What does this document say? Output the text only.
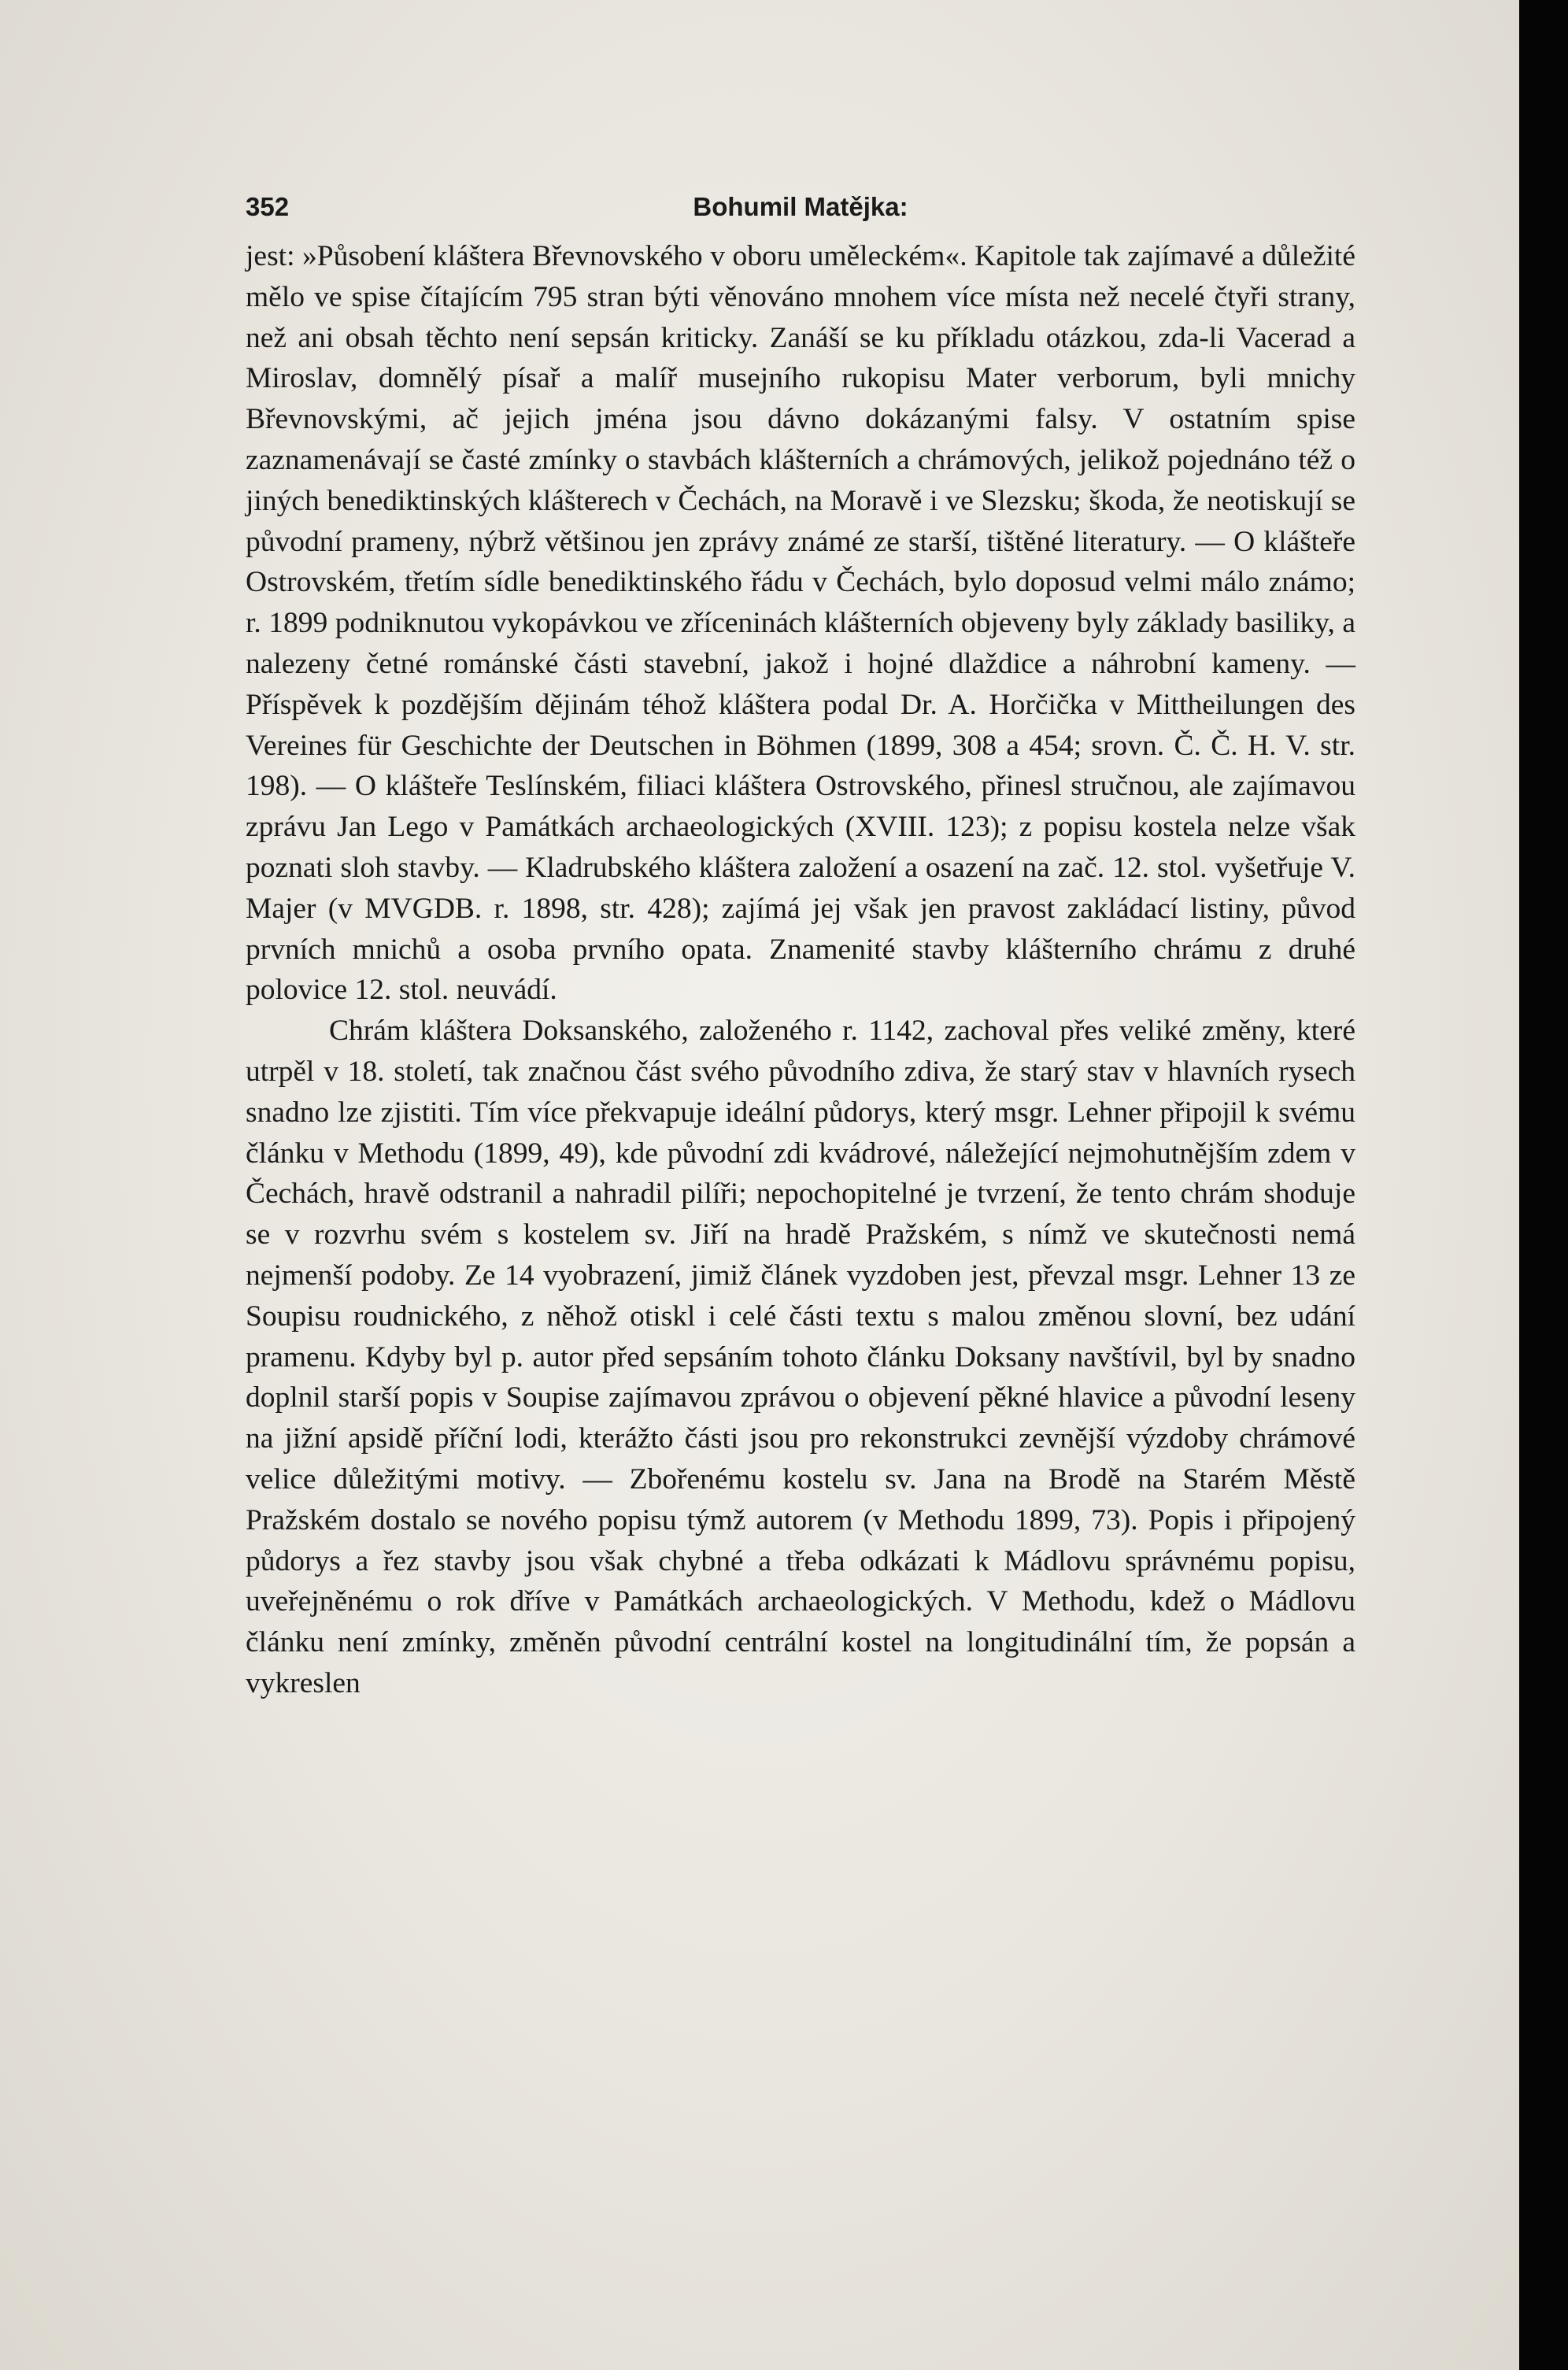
352	Bohumil Matějka:

jest: »Působení kláštera Břevnovského v oboru uměleckém«. Kapitole tak zajímavé a důležité mělo ve spise čítajícím 795 stran býti věnováno mnohem více místa než necelé čtyři strany, než ani obsah těchto není sepsán kriticky. Zanáší se ku příkladu otázkou, zda-li Vacerad a Miroslav, domnělý písař a malíř musejního rukopisu Mater verborum, byli mnichy Břevnovskými, ač jejich jména jsou dávno dokázanými falsy. V ostatním spise zaznamenávají se časté zmínky o stavbách klášterních a chrámových, jelikož pojednáno též o jiných benediktinských klášterech v Čechách, na Moravě i ve Slezsku; škoda, že neotiskují se původní prameny, nýbrž většinou jen zprávy známé ze starší, tištěné literatury. — O klášteře Ostrovském, třetím sídle benediktinského řádu v Čechách, bylo doposud velmi málo známo; r. 1899 podniknutou vykopávkou ve zříceninách klášterních objeveny byly základy basiliky, a nalezeny četné románské části stavební, jakož i hojné dlaždice a náhrobní kameny. — Příspěvek k pozdějším dějinám téhož kláštera podal Dr. A. Horčička v Mittheilungen des Vereines für Geschichte der Deutschen in Böhmen (1899, 308 a 454; srovn. Č. Č. H. V. str. 198). — O klášteře Teslínském, filiaci kláštera Ostrovského, přinesl stručnou, ale zajímavou zprávu Jan Lego v Památkách archaeologických (XVIII. 123); z popisu kostela nelze však poznati sloh stavby. — Kladrubského kláštera založení a osazení na zač. 12. stol. vyšetřuje V. Majer (v MVGDB. r. 1898, str. 428); zajímá jej však jen pravost zakládací listiny, původ prvních mnichů a osoba prvního opata. Znamenité stavby klášterního chrámu z druhé polovice 12. stol. neuvádí.

Chrám kláštera Doksanského, založeného r. 1142, zachoval přes veliké změny, které utrpěl v 18. století, tak značnou část svého původního zdiva, že starý stav v hlavních rysech snadno lze zjistiti. Tím více překvapuje ideální půdorys, který msgr. Lehner připojil k svému článku v Methodu (1899, 49), kde původní zdi kvádrové, náležející nejmohutnějším zdem v Čechách, hravě odstranil a nahradil pilíři; nepochopitelné je tvrzení, že tento chrám shoduje se v rozvrhu svém s kostelem sv. Jiří na hradě Pražském, s nímž ve skutečnosti nemá nejmenší podoby. Ze 14 vyobrazení, jimiž článek vyzdoben jest, převzal msgr. Lehner 13 ze Soupisu roudnického, z něhož otiskl i celé části textu s malou změnou slovní, bez udání pramenu. Kdyby byl p. autor před sepsáním tohoto článku Doksany navštívil, byl by snadno doplnil starší popis v Soupise zajímavou zprávou o objevení pěkné hlavice a původní leseny na jižní apsidě příční lodi, kterážto části jsou pro rekonstrukci zevnější výzdoby chrámové velice důležitými motivy. — Zbořenému kostelu sv. Jana na Brodě na Starém Městě Pražském dostalo se nového popisu týmž autorem (v Methodu 1899, 73). Popis i připojený půdorys a řez stavby jsou však chybné a třeba odkázati k Mádlovu správnému popisu, uveřejněnému o rok dříve v Památkách archaeologických. V Methodu, kdež o Mádlovu článku není zmínky, změněn původní centrální kostel na longitudinální tím, že popsán a vykreslen
